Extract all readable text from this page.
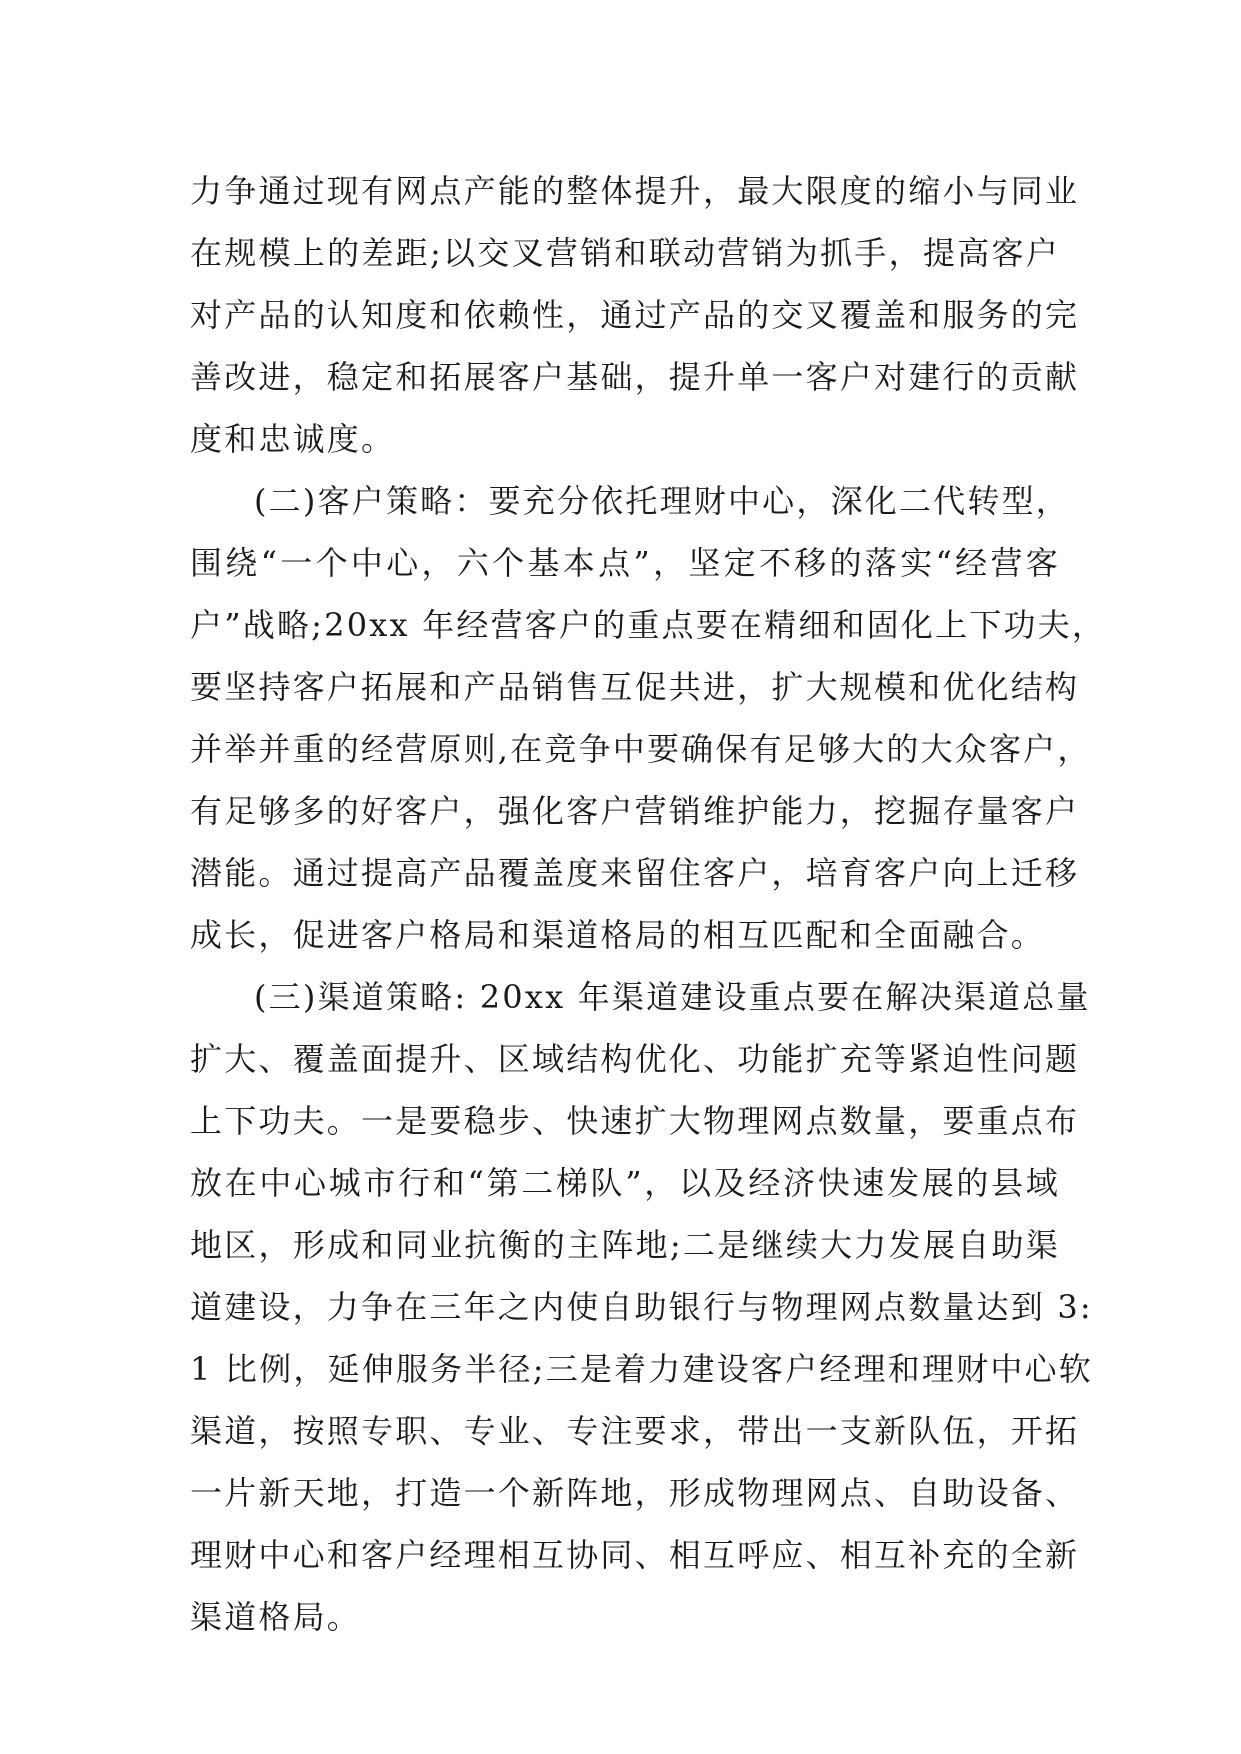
力争通过现有网点产能的整体提升，最大限度的缩小与同业
在规模上的差距;以交叉营销和联动营销为抓手，提高客户
对产品的认知度和依赖性，通过产品的交叉覆盖和服务的完
善改进，稳定和拓展客户基础，提升单一客户对建行的贡献
度和忠诚度。
(二)客户策略：要充分依托理财中心，深化二代转型，
围绕“一个中心，六个基本点”，坚定不移的落实“经营客
户”战略;20xx 年经营客户的重点要在精细和固化上下功夫，
要坚持客户拓展和产品销售互促共进，扩大规模和优化结构
并举并重的经营原则,在竞争中要确保有足够大的大众客户，
有足够多的好客户，强化客户营销维护能力，挖掘存量客户
潜能。通过提高产品覆盖度来留住客户，培育客户向上迁移
成长，促进客户格局和渠道格局的相互匹配和全面融合。
(三)渠道策略: 20xx 年渠道建设重点要在解决渠道总量
扩大、覆盖面提升、区域结构优化、功能扩充等紧迫性问题
上下功夫。一是要稳步、快速扩大物理网点数量，要重点布
放在中心城市行和“第二梯队”，以及经济快速发展的县域
地区，形成和同业抗衡的主阵地;二是继续大力发展自助渠
道建设，力争在三年之内使自助银行与物理网点数量达到 3:
1 比例，延伸服务半径;三是着力建设客户经理和理财中心软
渠道，按照专职、专业、专注要求，带出一支新队伍，开拓
一片新天地，打造一个新阵地，形成物理网点、自助设备、
理财中心和客户经理相互协同、相互呼应、相互补充的全新
渠道格局。
